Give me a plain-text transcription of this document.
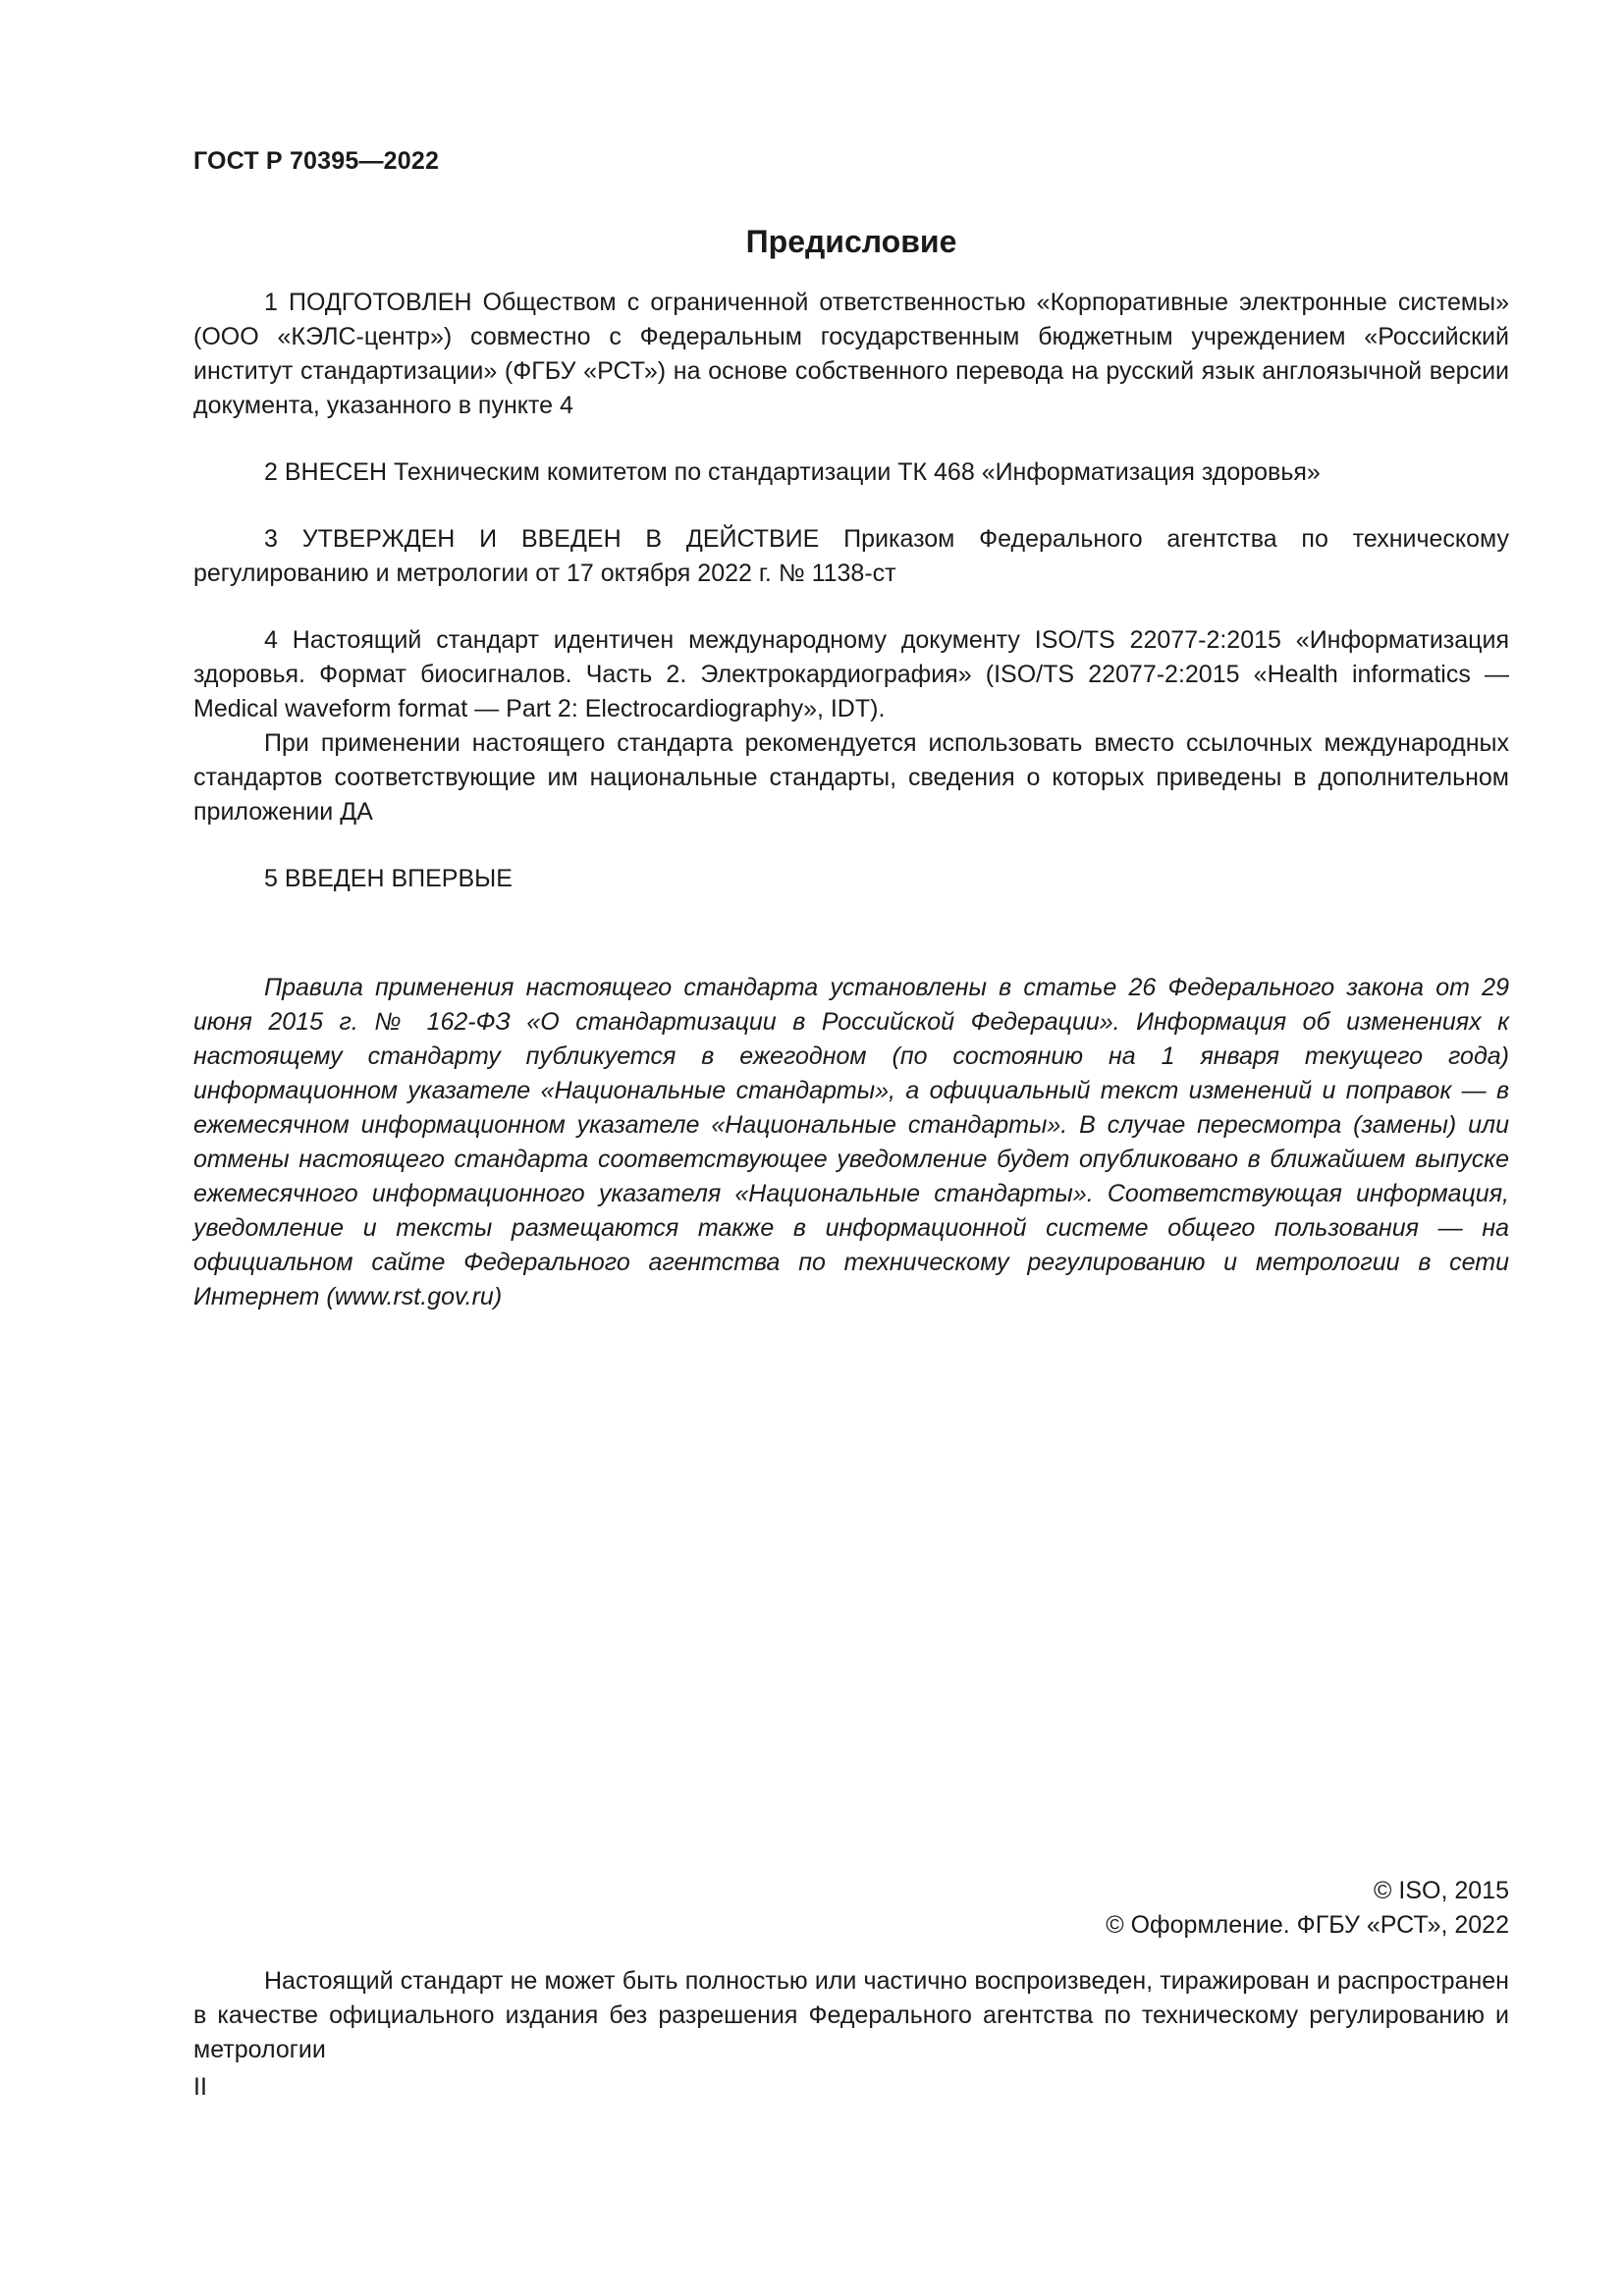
ГОСТ Р 70395—2022
Предисловие

1 ПОДГОТОВЛЕН Обществом с ограниченной ответственностью «Корпоративные электронные системы» (ООО «КЭЛС-центр») совместно с Федеральным государственным бюджетным учреждением «Российский институт стандартизации» (ФГБУ «РСТ») на основе собственного перевода на русский язык англоязычной версии документа, указанного в пункте 4

2 ВНЕСЕН Техническим комитетом по стандартизации ТК 468 «Информатизация здоровья»

3 УТВЕРЖДЕН И ВВЕДЕН В ДЕЙСТВИЕ Приказом Федерального агентства по техническому регулированию и метрологии от 17 октября 2022 г. № 1138-ст

4 Настоящий стандарт идентичен международному документу ISO/TS 22077-2:2015 «Информатизация здоровья. Формат биосигналов. Часть 2. Электрокардиография» (ISO/TS 22077-2:2015 «Health informatics — Medical waveform format — Part 2: Electrocardiography», IDT).

При применении настоящего стандарта рекомендуется использовать вместо ссылочных международных стандартов соответствующие им национальные стандарты, сведения о которых приведены в дополнительном приложении ДА

5 ВВЕДЕН ВПЕРВЫЕ

Правила применения настоящего стандарта установлены в статье 26 Федерального закона от 29 июня 2015 г. № 162-ФЗ «О стандартизации в Российской Федерации». Информация об изменениях к настоящему стандарту публикуется в ежегодном (по состоянию на 1 января текущего года) информационном указателе «Национальные стандарты», а официальный текст изменений и поправок — в ежемесячном информационном указателе «Национальные стандарты». В случае пересмотра (замены) или отмены настоящего стандарта соответствующее уведомление будет опубликовано в ближайшем выпуске ежемесячного информационного указателя «Национальные стандарты». Соответствующая информация, уведомление и тексты размещаются также в информационной системе общего пользования — на официальном сайте Федерального агентства по техническому регулированию и метрологии в сети Интернет (www.rst.gov.ru)

© ISO, 2015
© Оформление. ФГБУ «РСТ», 2022

Настоящий стандарт не может быть полностью или частично воспроизведен, тиражирован и распространен в качестве официального издания без разрешения Федерального агентства по техническому регулированию и метрологии

II
